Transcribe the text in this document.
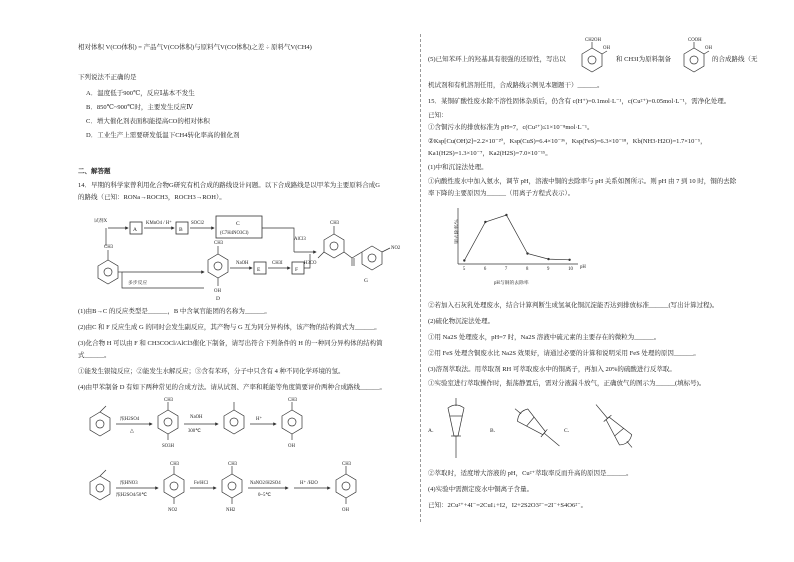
相对体积 V(CO体积) = 产品气V(CO体积)与原料气V(CO体积)之差 ÷ 原料气V(CH4)
下列说法不正确的是
A．温度低于900℃，反应Ⅰ基本不发生
B．850℃~900℃时，主要发生反应Ⅳ
C．增大催化剂表面积能提高CO的相对体积
D．工业生产上需要研发低温下CH4转化率高的催化剂
二、解答题
14．早期的科学家曾利用化合物G研究有机合成的路线设计问题。以下合成路线是以甲苯为主要原料合成G
的路线（已知：RONa→ROCH3，ROCH3→ROH）。
CH3
试剂X
A
KMnO4 / H⁺
B
SOCl2	C
(C7H4NO3Cl)
AlCl3
多步反应
CH3
OH
D
NaOH
E
CH3I
F
CH3
H3CO
NO2
G
(1)由B→C 的反应类型是______，B 中含氧官能团的名称为______。
(2)由C 和 F 反应生成 G 的同时会发生副反应，其产物与 G 互为同分异构体，该产物的结构简式为______。
(3)化合物 H 可以由 F 和 CH3COCl/AlCl3催化下制备，请写出符合下列条件的 H 的一种同分异构体的结构简
式______。
①能发生银镜反应；②能发生水解反应；③含有苯环，分子中只含有 4 种不同化学环境的氢。
(4)由甲苯制备 D 有如下两种常见的合成方法。请从试剂、产率和耗能等角度简要评价两种合成路线______。
浓H2SO4
△
CH3
SO3H
NaOH
300℃
H⁺
CH3
OH
浓HNO3
浓H2SO4/50℃
CH3
NO2
Fe/HCl
CH3
NH2
NaNO2/H2SO4
0~5℃
H⁺ /H2O
CH3
OH
(5)已知苯环上的羟基具有很强的还原性，写出以
CH2OH
OH
和 CH3I为原料制备
COOH
OH
的合成路线（无
机试剂和有机溶剂任用，合成路线示例见本题题干）______。
15．某铜矿酸性废水除不溶性固体杂质后，仍含有 c(H⁺)=0.1mol·L⁻¹，c(Cu²⁺)=0.05mol·L⁻¹，需净化处理。
已知：
①含铜污水的排放标准为 pH=7，c(Cu²⁺)≤1×10⁻⁸mol·L⁻¹。
②Ksp[Cu(OH)2]=2.2×10⁻²⁰，Ksp(CuS)=6.4×10⁻³⁶，Ksp(FeS)=6.3×10⁻¹⁸，Kb(NH3·H2O)=1.7×10⁻⁵，
Ka1(H2S)=1.3×10⁻⁷，Ka2(H2S)=7.0×10⁻¹⁵。
(1)中和沉淀法处理。
①向酸性废水中加入氨水，调节 pH，溶液中铜的去除率与 pH 关系如图所示。则 pH 由 7 到 10 时，铜的去除
率下降的主要原因为______（用离子方程式表示）。
铜去除率/%
pH
pH与铜的去除率
5	6	7	8	9	10
②若加入石灰乳处理废水，结合计算判断生成氢氧化铜沉淀能否达到排放标准______(写出计算过程)。
(2)硫化物沉淀法处理。
①用 Na2S 处理废水，pH=7 时，Na2S 溶液中硫元素的主要存在的微粒为______。
②用 FeS 处理含铜废水比 Na2S 效果好，请通过必要的计算和说明采用 FeS 处理的原因______。
(3)溶剂萃取法。用萃取剂 RH 可萃取废水中的铜离子，再加入 20%的硫酸进行反萃取。
①实验室进行萃取操作时，振荡静置后，需对分液漏斗放气，正确放气的图示为______(填标号)。
A．	B．	C．
②萃取时，适度增大溶液的 pH，Cu²⁺萃取率反而升高的原因是______。
(4)实验中需测定废水中铜离子含量。
已知：2Cu²⁺+4I⁻=2CuI↓+I2，I2+2S2O3²⁻=2I⁻+S4O6²⁻。
